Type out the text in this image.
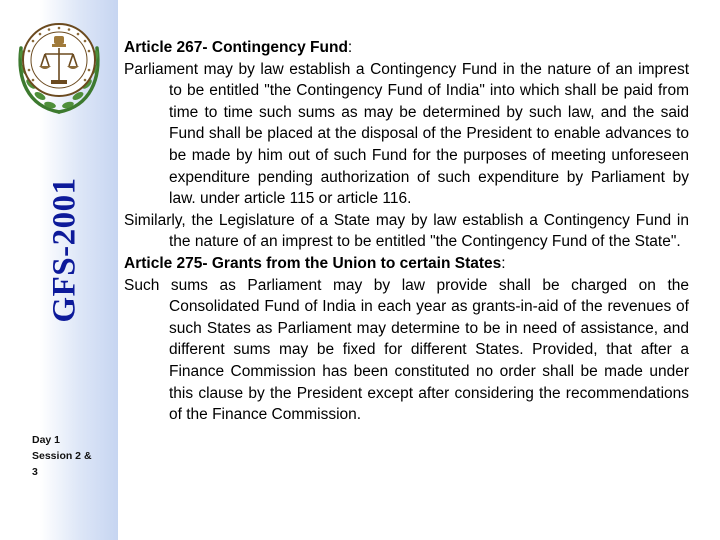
GFS-2001
Day 1
Session 2 &
3

Article 267- Contingency Fund:

Parliament may by law establish a Contingency Fund in the nature of an imprest to be entitled "the Contingency Fund of India" into which shall be paid from time to time such sums as may be determined by such law, and the said Fund shall be placed at the disposal of the President to enable advances to be made by him out of such Fund for the purposes of meeting unforeseen expenditure pending authorization of such expenditure by Parliament by law. under article 115 or article 116.

Similarly, the Legislature of a State may by law establish a Contingency Fund in the nature of an imprest to be entitled "the Contingency Fund of the State".

Article 275- Grants from the Union to certain States:

Such sums as Parliament may by law provide shall be charged on the Consolidated Fund of India in each year as grants-in-aid of the revenues of such States as Parliament may determine to be in need of assistance, and different sums may be fixed for different States. Provided, that after a Finance Commission has been constituted no order shall be made under this clause by the President except after considering the recommendations of the Finance Commission.
